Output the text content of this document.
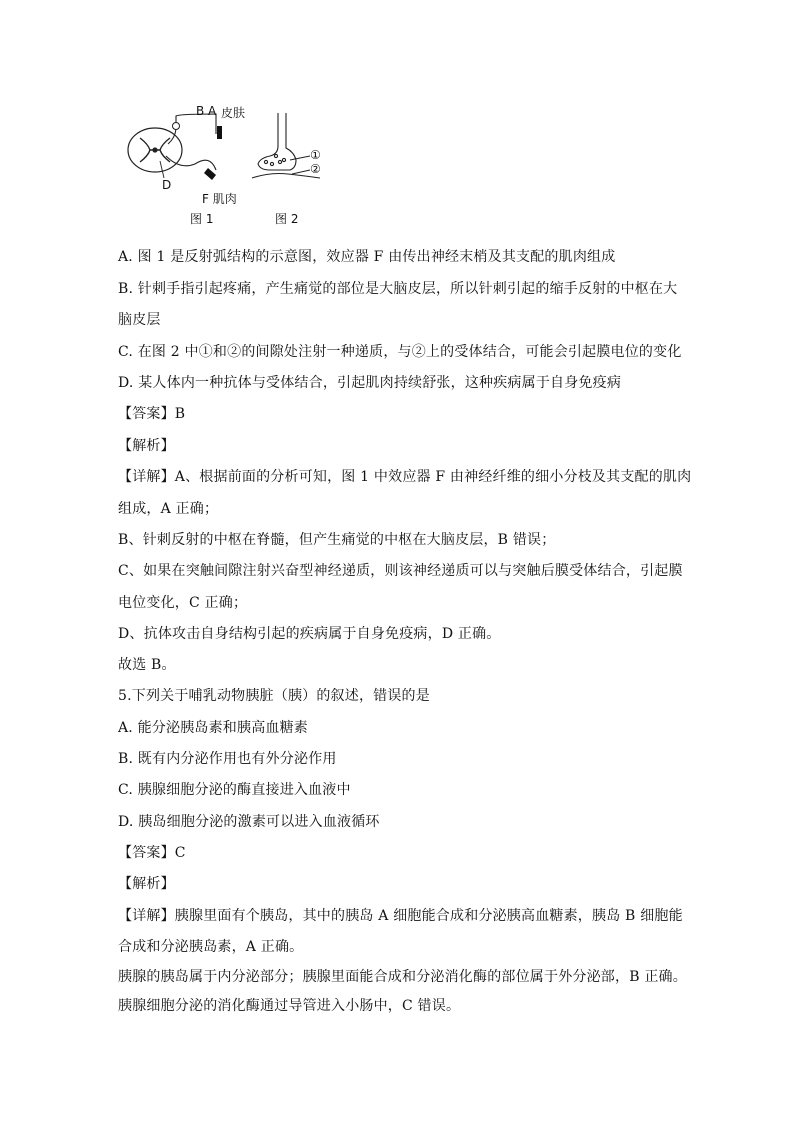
B A 皮肤
D
F 肌肉
①
②
图 1	图 2
A. 图 1 是反射弧结构的示意图，效应器 F 由传出神经末梢及其支配的肌肉组成
B. 针刺手指引起疼痛，产生痛觉的部位是大脑皮层，所以针刺引起的缩手反射的中枢在大
脑皮层
C. 在图 2 中①和②的间隙处注射一种递质，与②上的受体结合，可能会引起膜电位的变化
D. 某人体内一种抗体与受体结合，引起肌肉持续舒张，这种疾病属于自身免疫病
【答案】B
【解析】
【详解】A、根据前面的分析可知，图 1 中效应器 F 由神经纤维的细小分枝及其支配的肌肉
组成，A 正确；
B、针刺反射的中枢在脊髓，但产生痛觉的中枢在大脑皮层，B 错误；
C、如果在突触间隙注射兴奋型神经递质，则该神经递质可以与突触后膜受体结合，引起膜
电位变化，C 正确；
D、抗体攻击自身结构引起的疾病属于自身免疫病，D 正确。
故选 B。
5.下列关于哺乳动物胰脏（胰）的叙述，错误的是
A. 能分泌胰岛素和胰高血糖素
B. 既有内分泌作用也有外分泌作用
C. 胰腺细胞分泌的酶直接进入血液中
D. 胰岛细胞分泌的激素可以进入血液循环
【答案】C
【解析】
【详解】胰腺里面有个胰岛，其中的胰岛 A 细胞能合成和分泌胰高血糖素，胰岛 B 细胞能
合成和分泌胰岛素，A 正确。
胰腺的胰岛属于内分泌部分；胰腺里面能合成和分泌消化酶的部位属于外分泌部，B 正确。
胰腺细胞分泌的消化酶通过导管进入小肠中，C 错误。
